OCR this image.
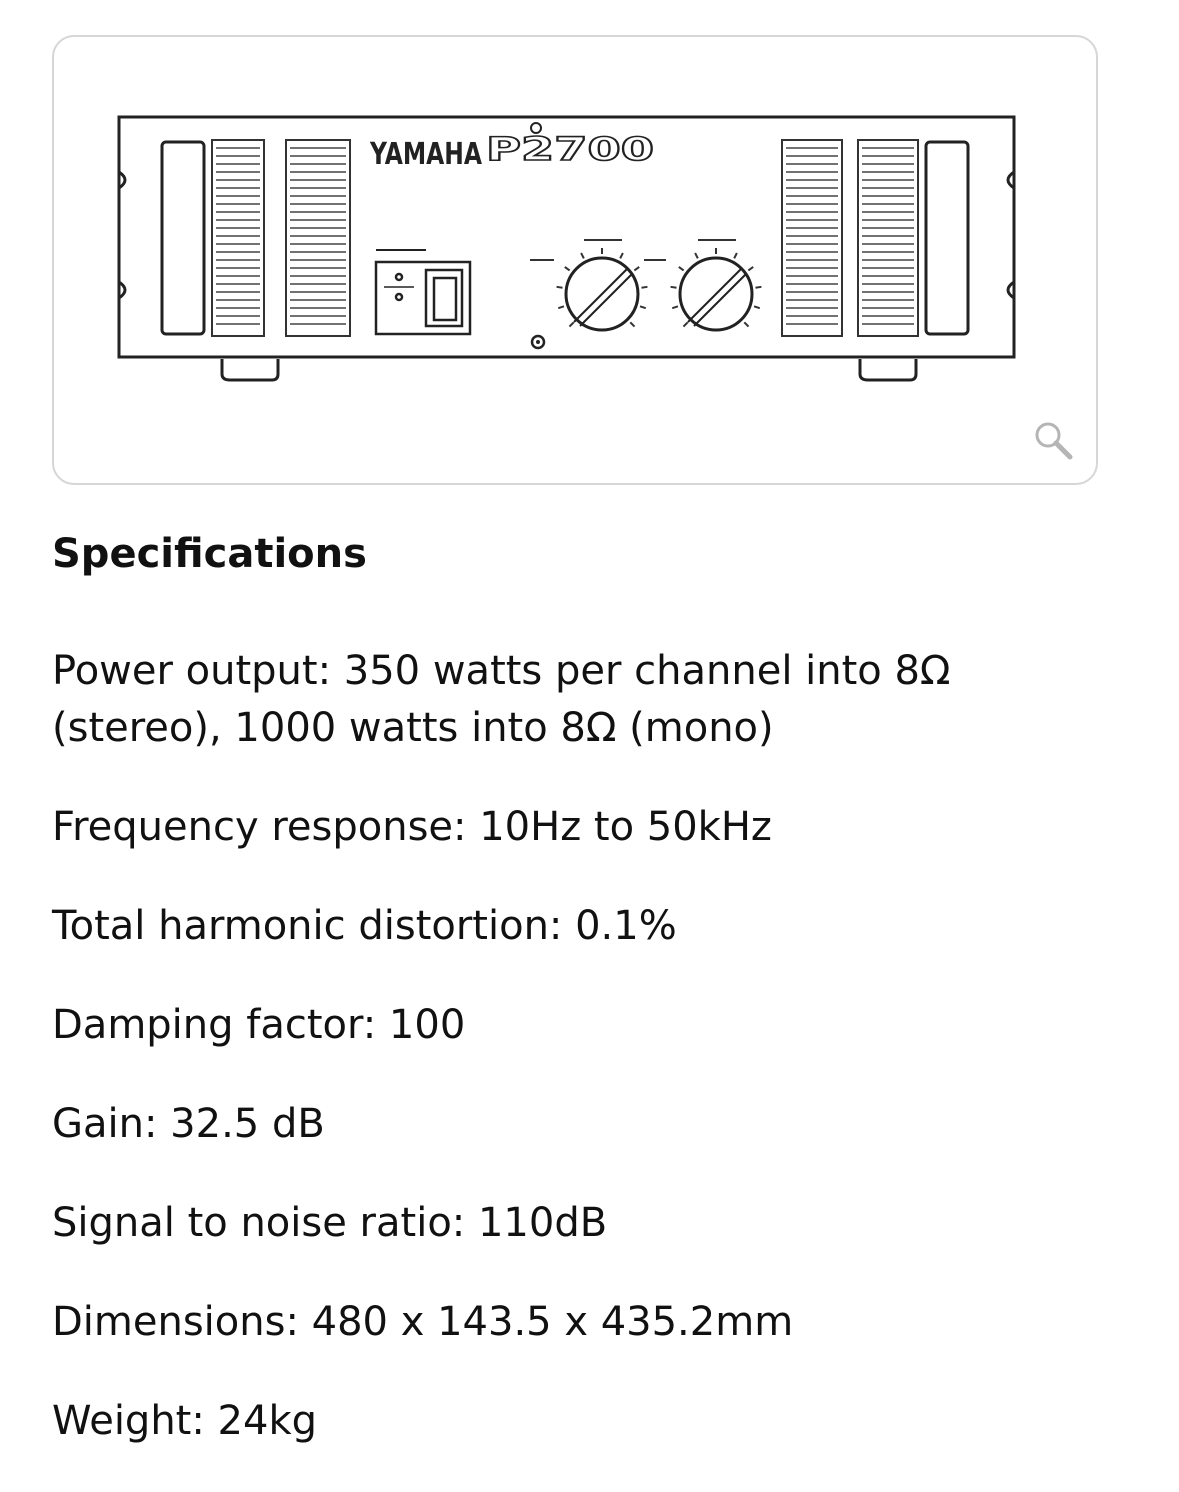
YAMAHA P2700
Specifications
Power output: 350 watts per channel into 8Ω (stereo), 1000 watts into 8Ω (mono)
Frequency response: 10Hz to 50kHz
Total harmonic distortion: 0.1%
Damping factor: 100
Gain: 32.5 dB
Signal to noise ratio: 110dB
Dimensions: 480 x 143.5 x 435.2mm
Weight: 24kg
